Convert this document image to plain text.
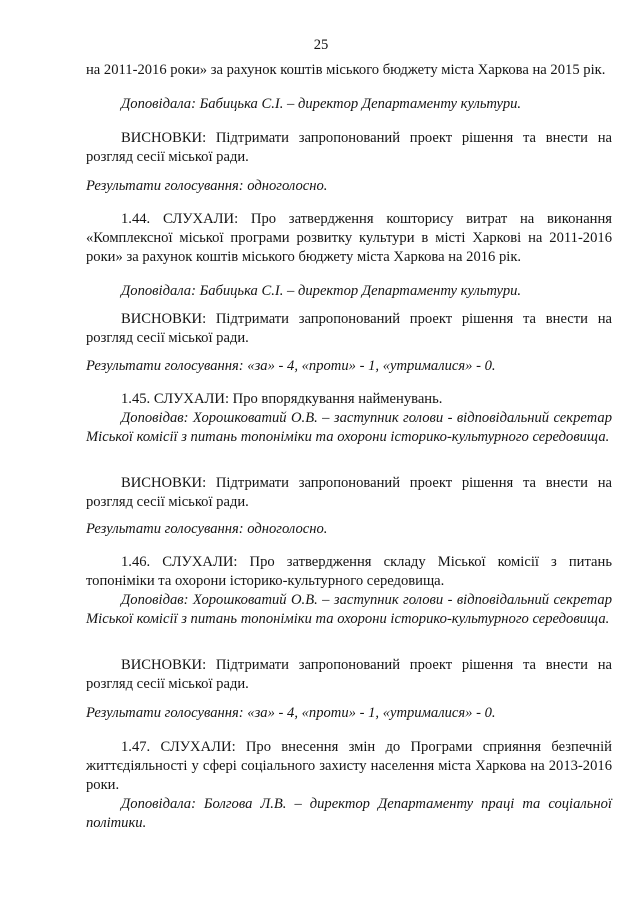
25

на 2011-2016 роки» за рахунок коштів міського бюджету міста Харкова на 2015 рік.

Доповідала: Бабицька С.І. – директор Департаменту культури.

ВИСНОВКИ: Підтримати запропонований проект рішення та внести на розгляд сесії міської ради.

Результати голосування: одноголосно.

1.44. СЛУХАЛИ: Про затвердження кошторису витрат на виконання «Комплексної міської програми розвитку культури в місті Харкові на 2011-2016 роки» за рахунок коштів міського бюджету міста Харкова на 2016 рік.

Доповідала: Бабицька С.І. – директор Департаменту культури.

ВИСНОВКИ: Підтримати запропонований проект рішення та внести на розгляд сесії міської ради.

Результати голосування: «за» - 4, «проти» - 1, «утрималися» - 0.

1.45. СЛУХАЛИ: Про впорядкування найменувань.

Доповідав: Хорошковатий О.В. – заступник голови - відповідальний секретар Міської комісії з питань топоніміки та охорони історико-культурного середовища.

ВИСНОВКИ: Підтримати запропонований проект рішення та внести на розгляд сесії міської ради.

Результати голосування: одноголосно.

1.46. СЛУХАЛИ: Про затвердження складу Міської комісії з питань топоніміки та охорони історико-культурного середовища.

Доповідав: Хорошковатий О.В. – заступник голови - відповідальний секретар Міської комісії з питань топоніміки та охорони історико-культурного середовища.

ВИСНОВКИ: Підтримати запропонований проект рішення та внести на розгляд сесії міської ради.

Результати голосування: «за» - 4, «проти» - 1, «утрималися» - 0.

1.47. СЛУХАЛИ: Про внесення змін до Програми сприяння безпечній життєдіяльності у сфері соціального захисту населення міста Харкова на 2013-2016 роки.

Доповідала: Болгова Л.В. – директор Департаменту праці та соціальної політики.
